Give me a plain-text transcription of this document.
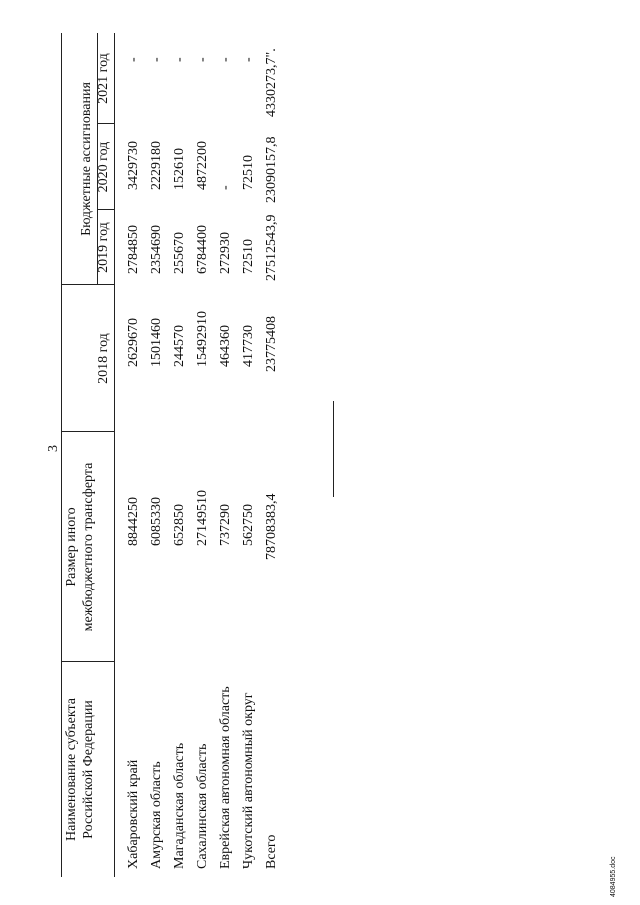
3
Наименование субъекта Российской Федерации
Размер иного межбюджетного трансферта
Бюджетные ассигнования
2018 год
2019 год
2020 год
2021 год
Хабаровский край
8844250
2629670
2784850
3429730
-
Амурская область
6085330
1501460
2354690
2229180
-
Магаданская область
652850
244570
255670
152610
-
Сахалинская область
27149510
15492910
6784400
4872200
-
Еврейская автономная область
737290
464360
272930
-
-
Чукотский автономный округ
562750
417730
72510
72510
-
Всего
78708383,4
23775408
27512543,9
23090157,8
4330273,7".
4084955.doc
